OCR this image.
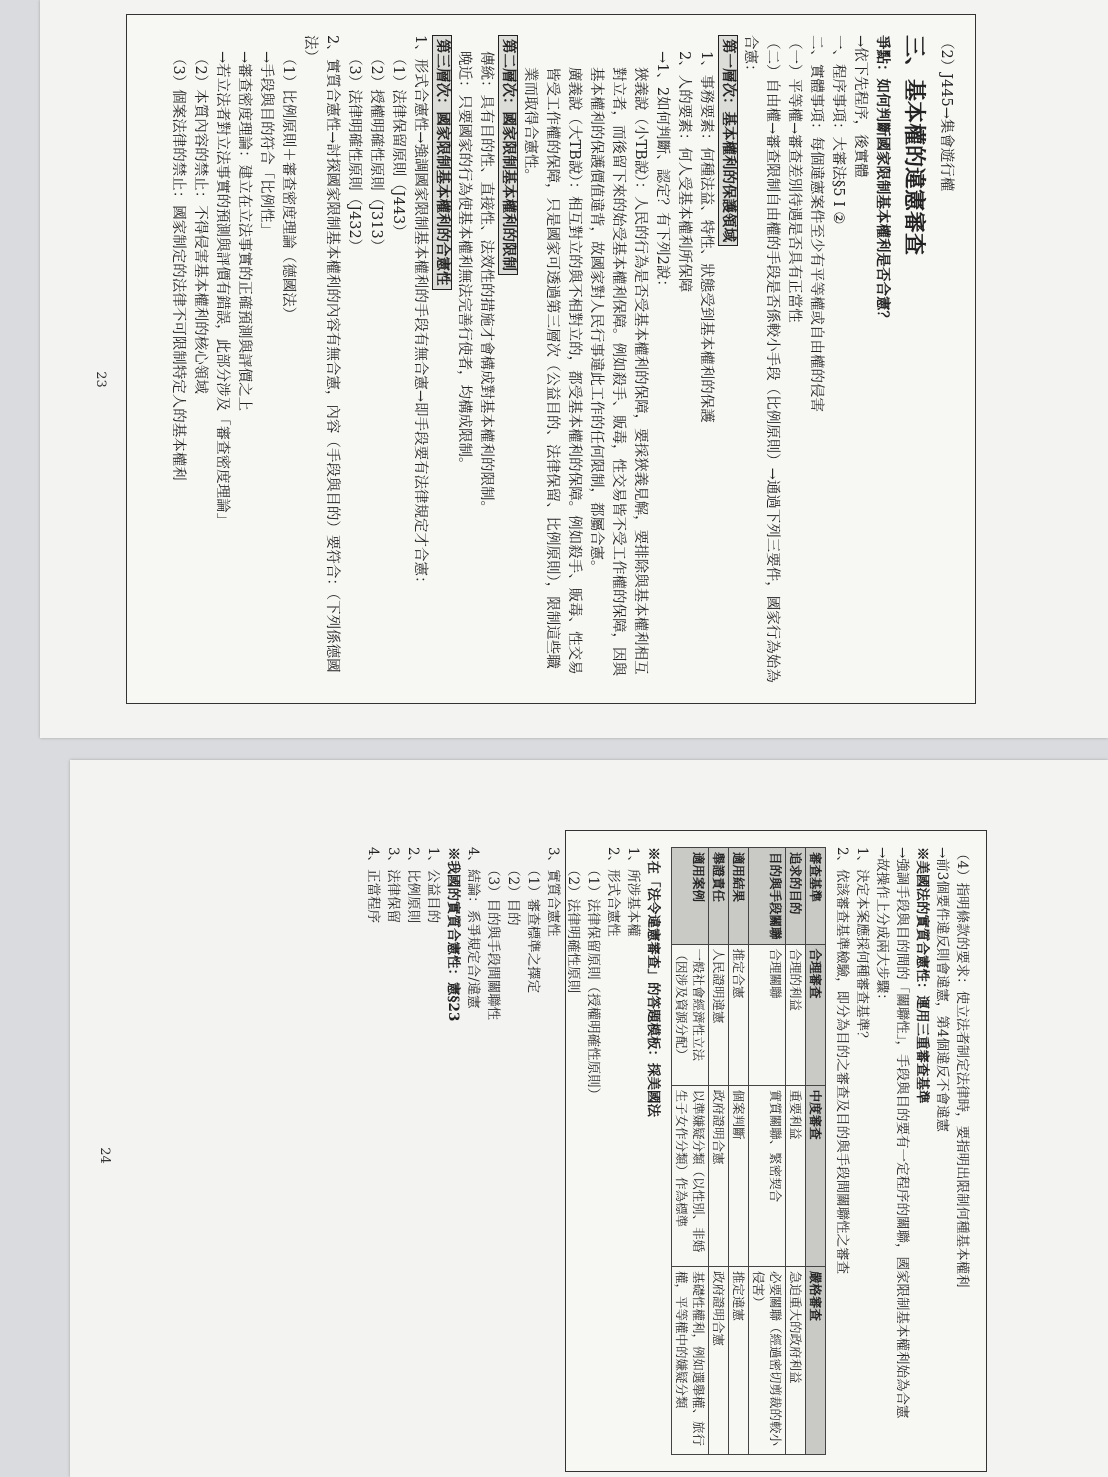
（2）J445→集會遊行權
三、基本權的違憲審查
爭點：如何判斷國家限制基本權利是否合憲？
→依下先程序，後實體
一、程序事項：大審法§5 I ②
二、實體事項：每個違憲案件至少有平等權或自由權的侵害
（一）平等權→審查差別待遇是否具有正當性
（二）自由權→審查限制自由權的手段是否係較小手段（比例原則）→通過下列三要件，國家行為始為合憲：
第一層次：基本權利的保護領域
1、事務要素：何種法益、特性、狀態受到基本權利的保護
2、人的要素：何人受基本權利所保障
→1、2如何判斷、認定？有下列2說：
狹義說（小TB說）：人民的行為是否受基本權利的保障，要採狹義見解，要排除與基本權利相互對立者，而後留下來的始受基本權利保障。例如殺手、販毒，性交易皆不受工作權的保障，因與基本權利的保護價值違背，故國家對人民行事違此工作的任何限制，都屬合憲。
廣義說（大TB說）：相互對立的與不相對立的，都受基本權利的保障。例如殺手、販毒、性交易皆受工作權的保障，只是國家可透過第三層次（公益目的、法律保留、比例原則），限制這些職業而取得合憲性。
第二層次：國家限制基本權利的限制
傳統：具有目的性、直接性、法效性的措施才會構成對基本權利的限制。
晚近：只要國家的行為使基本權利無法完善行使者，均構成限制。
第三層次：國家限制基本權利的合憲性
1、形式合憲性→強調國家限制基本權利的手段有無合憲→即手段要有法律規定才合憲：
（1）法律保留原則（J443）
（2）授權明確性原則（J313）
（3）法律明確性原則（J432）
2、實質合憲性→討探國家限制基本權利的內容有無合憲，內容（手段與目的）要符合：（下列係德國法）
（1）比例原則＋審查密度理論（德國法）
→手段與目的符合「比例性」
→審查密度理論：建立在立法事實的正確預測與評價之上
→若立法者對立法事實的預測與評價有錯誤，此部分涉及「審查密度理論」
（2）本質內容的禁止：不得侵害基本權利的核心領域
（3）個案法律的禁止：國家制定的法律不可限制特定人的基本權利
23
（4）指明條款的要求：使立法者制定法律時，要指明出限制何種基本權利
→前3個要件違反則會違憲，第4個違反不會違憲
※美國法的實質合憲性：運用三重審查基準
→強調手段與目的間的「關聯性」，手段與目的要有一定程序的關聯，國家限制基本權利始為合憲
→故操作上分成兩大步驟：
1、決定本案應採何種審查基準？
2、依該審查基準檢驗，即分為目的之審查及目的與手段間關聯性之審查
審查基準	合理審查	中度審查	嚴格審查
追求的目的	合理的利益	重要利益	急迫重大的政府利益
目的與手段關聯	合理關聯	實質關聯、緊密契合	必要關聯（經過密切剪裁的較小侵害）
適用結果	推定合憲	個案判斷	推定違憲
舉證責任	人民證明違憲	政府證明合憲	政府證明合憲
適用案例	一般社會經濟性立法（因涉及資源分配）	以準嫌疑分類（以性別、非婚生子女作分類）作為標準	基礎性權利，例如選舉權、旅行權，平等權中的嫌疑分類
※在「法令違憲審查」的答題模板：採美國法
1、所涉基本權
2、形式合憲性
（1）法律保留原則（授權明確性原則）
（2）法律明確性原則
3、實質合憲性
（1）審查標準之擇定
（2）目的
（3）目的與手段間關聯性
4、結論：系爭規定合/違憲
※我國的實質合憲性：憲§23
1、公益目的
2、比例原則
3、法律保留
4、正當程序
24
